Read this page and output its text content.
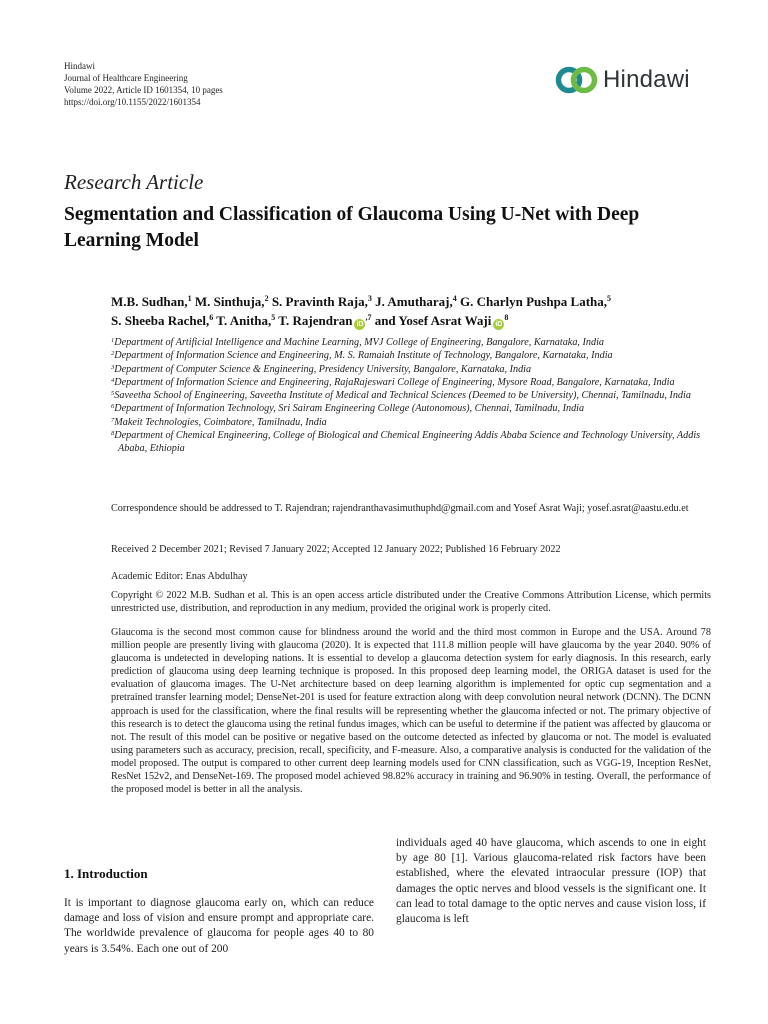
Hindawi
Journal of Healthcare Engineering
Volume 2022, Article ID 1601354, 10 pages
https://doi.org/10.1155/2022/1601354
Hindawi
Research Article
Segmentation and Classification of Glaucoma Using U-Net with Deep Learning Model
M.B. Sudhan,$^1$ M. Sinthuja,$^2$ S. Pravinth Raja,$^3$ J. Amutharaj,$^4$ G. Charlyn Pushpa Latha,$^5$
S. Sheeba Rachel,$^6$ T. Anitha,$^5$ T. Rajendran $iD^{,7}$ and Yosef Asrat Waji $iD^8$
$^1$Department of Artificial Intelligence and Machine Learning, MVJ College of Engineering, Bangalore, Karnataka, India
$^2$Department of Information Science and Engineering, M. S. Ramaiah Institute of Technology, Bangalore, Karnataka, India
$^3$Department of Computer Science & Engineering, Presidency University, Bangalore, Karnataka, India
$^4$Department of Information Science and Engineering, RajaRajeswari College of Engineering, Mysore Road, Bangalore, Karnataka, India
$^5$Saveetha School of Engineering, Saveetha Institute of Medical and Technical Sciences (Deemed to be University), Chennai, Tamilnadu, India
$^6$Department of Information Technology, Sri Sairam Engineering College (Autonomous), Chennai, Tamilnadu, India
$^7$Makeit Technologies, Coimbatore, Tamilnadu, India
$^8$Department of Chemical Engineering, College of Biological and Chemical Engineering Addis Ababa Science and Technology University, Addis Ababa, Ethiopia
Correspondence should be addressed to T. Rajendran; rajendranthavasimuthuphd@gmail.com and Yosef Asrat Waji; yosef.asrat@aastu.edu.et
Received 2 December 2021; Revised 7 January 2022; Accepted 12 January 2022; Published 16 February 2022
Academic Editor: Enas Abdulhay
Copyright © 2022 M.B. Sudhan et al. This is an open access article distributed under the Creative Commons Attribution License, which permits unrestricted use, distribution, and reproduction in any medium, provided the original work is properly cited.
Glaucoma is the second most common cause for blindness around the world and the third most common in Europe and the USA. Around 78 million people are presently living with glaucoma (2020). It is expected that 111.8 million people will have glaucoma by the year 2040. 90% of glaucoma is undetected in developing nations. It is essential to develop a glaucoma detection system for early diagnosis. In this research, early prediction of glaucoma using deep learning technique is proposed. In this proposed deep learning model, the ORIGA dataset is used for the evaluation of glaucoma images. The U-Net architecture based on deep learning algorithm is implemented for optic cup segmentation and a pretrained transfer learning model; DenseNet-201 is used for feature extraction along with deep convolution neural network (DCNN). The DCNN approach is used for the classification, where the final results will be representing whether the glaucoma infected or not. The primary objective of this research is to detect the glaucoma using the retinal fundus images, which can be useful to determine if the patient was affected by glaucoma or not. The result of this model can be positive or negative based on the outcome detected as infected by glaucoma or not. The model is evaluated using parameters such as accuracy, precision, recall, specificity, and F-measure. Also, a comparative analysis is conducted for the validation of the model proposed. The output is compared to other current deep learning models used for CNN classification, such as VGG-19, Inception ResNet, ResNet 152v2, and DenseNet-169. The proposed model achieved 98.82% accuracy in training and 96.90% in testing. Overall, the performance of the proposed model is better in all the analysis.
1. Introduction
It is important to diagnose glaucoma early on, which can reduce damage and loss of vision and ensure prompt and appropriate care. The worldwide prevalence of glaucoma for people ages 40 to 80 years is 3.54%. Each one out of 200
individuals aged 40 have glaucoma, which ascends to one in eight by age 80 [1]. Various glaucoma-related risk factors have been established, where the elevated intraocular pressure (IOP) that damages the optic nerves and blood vessels is the significant one. It can lead to total damage to the optic nerves and cause vision loss, if glaucoma is left
